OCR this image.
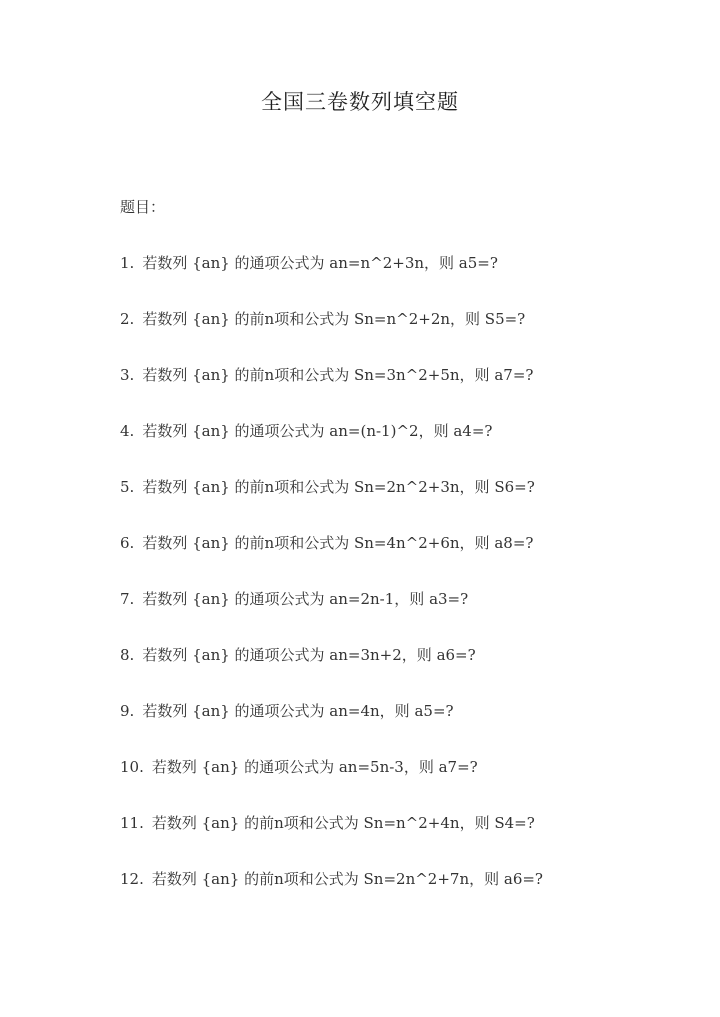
全国三卷数列填空题
题目：
1. 若数列 {an} 的通项公式为 an=n^2+3n，则 a5=?
2. 若数列 {an} 的前n项和公式为 Sn=n^2+2n，则 S5=?
3. 若数列 {an} 的前n项和公式为 Sn=3n^2+5n，则 a7=?
4. 若数列 {an} 的通项公式为 an=(n-1)^2，则 a4=?
5. 若数列 {an} 的前n项和公式为 Sn=2n^2+3n，则 S6=?
6. 若数列 {an} 的前n项和公式为 Sn=4n^2+6n，则 a8=?
7. 若数列 {an} 的通项公式为 an=2n-1，则 a3=?
8. 若数列 {an} 的通项公式为 an=3n+2，则 a6=?
9. 若数列 {an} 的通项公式为 an=4n，则 a5=?
10. 若数列 {an} 的通项公式为 an=5n-3，则 a7=?
11. 若数列 {an} 的前n项和公式为 Sn=n^2+4n，则 S4=?
12. 若数列 {an} 的前n项和公式为 Sn=2n^2+7n，则 a6=?
